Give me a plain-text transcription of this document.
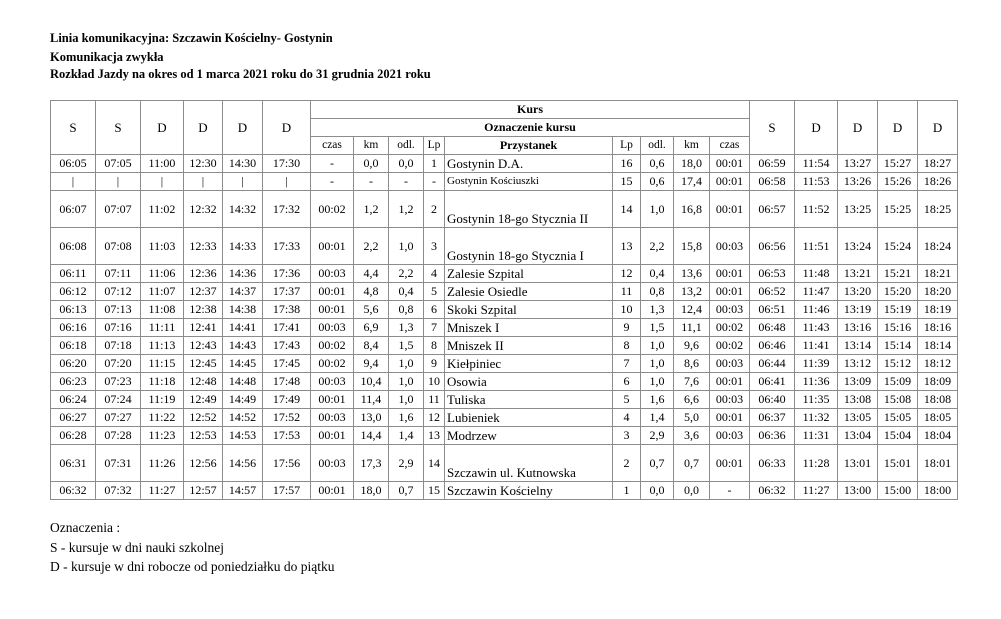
Linia komunikacyjna: Szczawin Kościelny- Gostynin
Komunikacja zwykła
Rozkład Jazdy na okres od 1 marca 2021 roku do 31 grudnia 2021 roku
S	S	D	D	D	D	Kurs									S	D	D	D	D
						Oznaczenie kursu													
						czas	km	odl.	Lp	Przystanek	Lp	odl.	km	czas					
06:05	07:05	11:00	12:30	14:30	17:30	-	0,0	0,0	1	Gostynin D.A.	16	0,6	18,0	00:01	06:59	11:54	13:27	15:27	18:27
|	|	|	|	|	|	-	-	-	-	Gostynin Kościuszki	15	0,6	17,4	00:01	06:58	11:53	13:26	15:26	18:26
06:07	07:07	11:02	12:32	14:32	17:32	00:02	1,2	1,2	2	Gostynin 18-go Stycznia II	14	1,0	16,8	00:01	06:57	11:52	13:25	15:25	18:25
06:08	07:08	11:03	12:33	14:33	17:33	00:01	2,2	1,0	3	Gostynin 18-go Stycznia I	13	2,2	15,8	00:03	06:56	11:51	13:24	15:24	18:24
06:11	07:11	11:06	12:36	14:36	17:36	00:03	4,4	2,2	4	Zalesie Szpital	12	0,4	13,6	00:01	06:53	11:48	13:21	15:21	18:21
06:12	07:12	11:07	12:37	14:37	17:37	00:01	4,8	0,4	5	Zalesie Osiedle	11	0,8	13,2	00:01	06:52	11:47	13:20	15:20	18:20
06:13	07:13	11:08	12:38	14:38	17:38	00:01	5,6	0,8	6	Skoki Szpital	10	1,3	12,4	00:03	06:51	11:46	13:19	15:19	18:19
06:16	07:16	11:11	12:41	14:41	17:41	00:03	6,9	1,3	7	Mniszek I	9	1,5	11,1	00:02	06:48	11:43	13:16	15:16	18:16
06:18	07:18	11:13	12:43	14:43	17:43	00:02	8,4	1,5	8	Mniszek II	8	1,0	9,6	00:02	06:46	11:41	13:14	15:14	18:14
06:20	07:20	11:15	12:45	14:45	17:45	00:02	9,4	1,0	9	Kiełpiniec	7	1,0	8,6	00:03	06:44	11:39	13:12	15:12	18:12
06:23	07:23	11:18	12:48	14:48	17:48	00:03	10,4	1,0	10	Osowia	6	1,0	7,6	00:01	06:41	11:36	13:09	15:09	18:09
06:24	07:24	11:19	12:49	14:49	17:49	00:01	11,4	1,0	11	Tuliska	5	1,6	6,6	00:03	06:40	11:35	13:08	15:08	18:08
06:27	07:27	11:22	12:52	14:52	17:52	00:03	13,0	1,6	12	Lubieniek	4	1,4	5,0	00:01	06:37	11:32	13:05	15:05	18:05
06:28	07:28	11:23	12:53	14:53	17:53	00:01	14,4	1,4	13	Modrzew	3	2,9	3,6	00:03	06:36	11:31	13:04	15:04	18:04
06:31	07:31	11:26	12:56	14:56	17:56	00:03	17,3	2,9	14	Szczawin ul. Kutnowska	2	0,7	0,7	00:01	06:33	11:28	13:01	15:01	18:01
06:32	07:32	11:27	12:57	14:57	17:57	00:01	18,0	0,7	15	Szczawin Kościelny	1	0,0	0,0	-	06:32	11:27	13:00	15:00	18:00
Oznaczenia :
S - kursuje w dni nauki szkolnej
D - kursuje w dni robocze od poniedziałku do piątku
